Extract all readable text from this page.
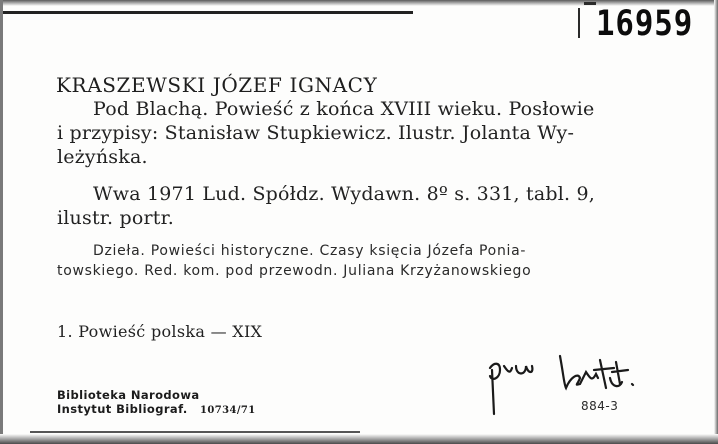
16959
KRASZEWSKI JÓZEF IGNACY
Pod Blachą. Powieść z końca XVIII wieku. Posłowie
i przypisy: Stanisław Stupkiewicz. Ilustr. Jolanta Wy-
leżyńska.
Wwa 1971 Lud. Spółdz. Wydawn. 8º s. 331, tabl. 9,
ilustr. portr.
Dzieła. Powieści historyczne. Czasy księcia Józefa Ponia-
towskiego. Red. kom. pod przewodn. Juliana Krzyżanowskiego
1. Powieść polska — XIX
Biblioteka Narodowa
Instytut Bibliograf. 10734/71	884-3
